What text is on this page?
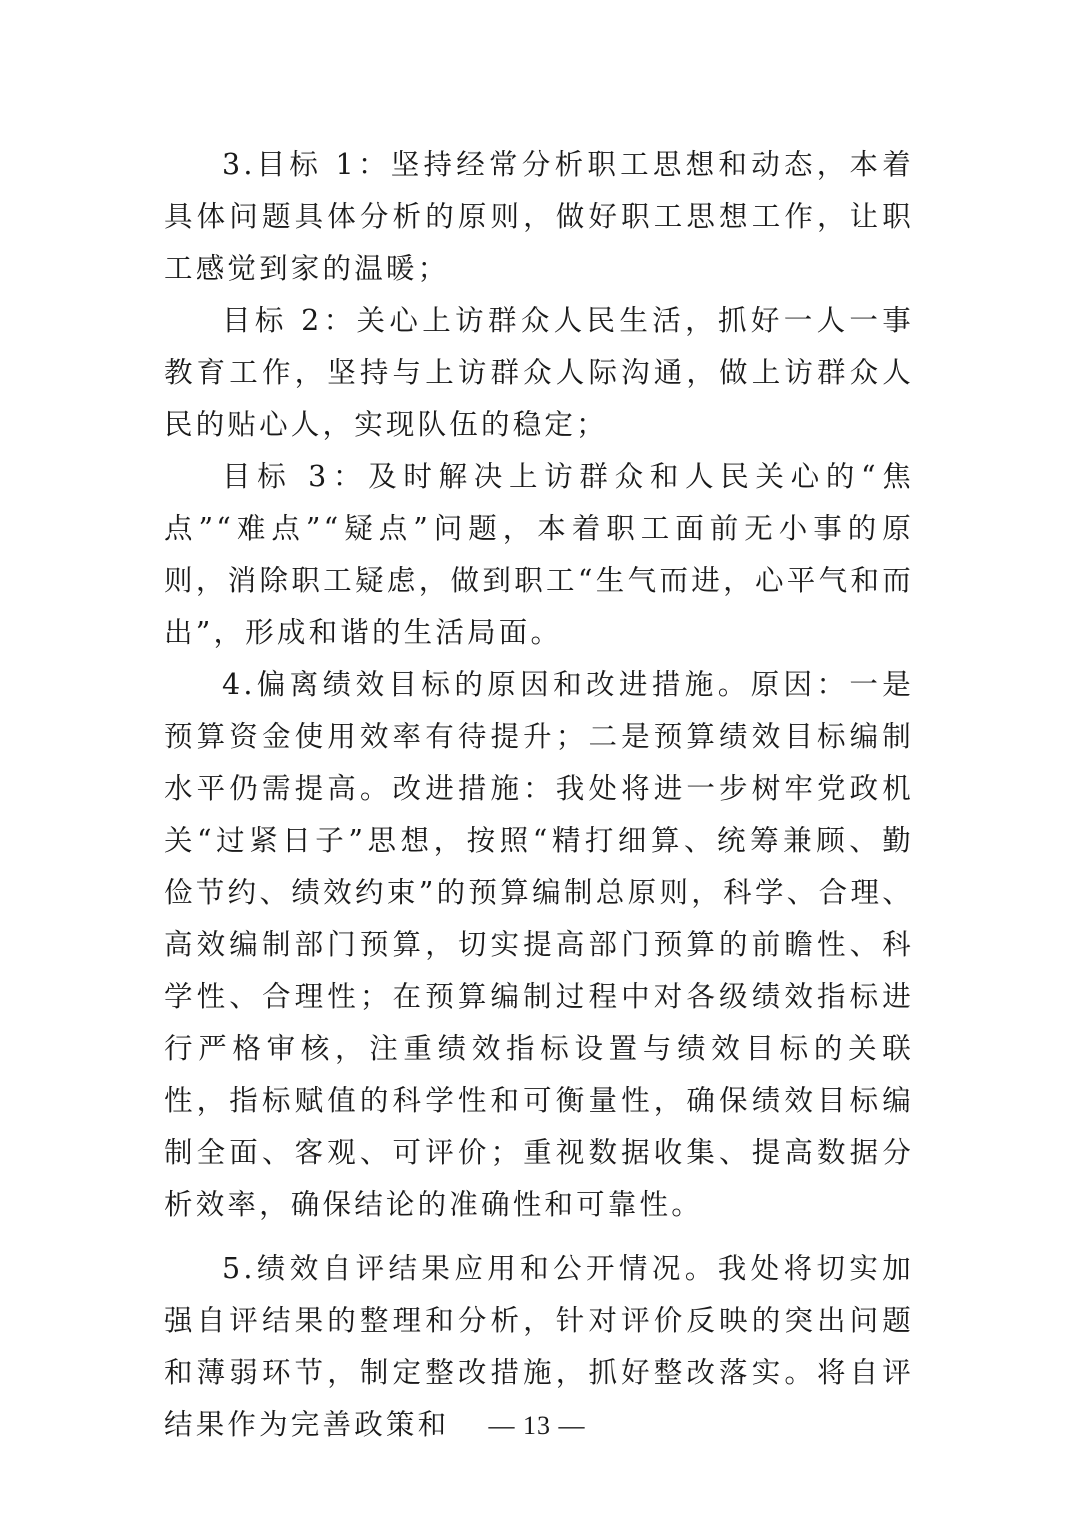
3.目标 1：坚持经常分析职工思想和动态，本着具体问题具体分析的原则，做好职工思想工作，让职工感觉到家的温暖；

目标 2：关心上访群众人民生活，抓好一人一事教育工作，坚持与上访群众人际沟通，做上访群众人民的贴心人，实现队伍的稳定；

目标 3：及时解决上访群众和人民关心的“焦点”“难点”“疑点”问题，本着职工面前无小事的原则，消除职工疑虑，做到职工“生气而进，心平气和而出”，形成和谐的生活局面。

4.偏离绩效目标的原因和改进措施。原因：一是预算资金使用效率有待提升；二是预算绩效目标编制水平仍需提高。改进措施：我处将进一步树牢党政机关“过紧日子”思想，按照“精打细算、统筹兼顾、勤俭节约、绩效约束”的预算编制总原则，科学、合理、高效编制部门预算，切实提高部门预算的前瞻性、科学性、合理性；在预算编制过程中对各级绩效指标进行严格审核，注重绩效指标设置与绩效目标的关联性，指标赋值的科学性和可衡量性，确保绩效目标编制全面、客观、可评价；重视数据收集、提高数据分析效率，确保结论的准确性和可靠性。

5.绩效自评结果应用和公开情况。我处将切实加强自评结果的整理和分析，针对评价反映的突出问题和薄弱环节，制定整改措施，抓好整改落实。将自评结果作为完善政策和	— 13 —
